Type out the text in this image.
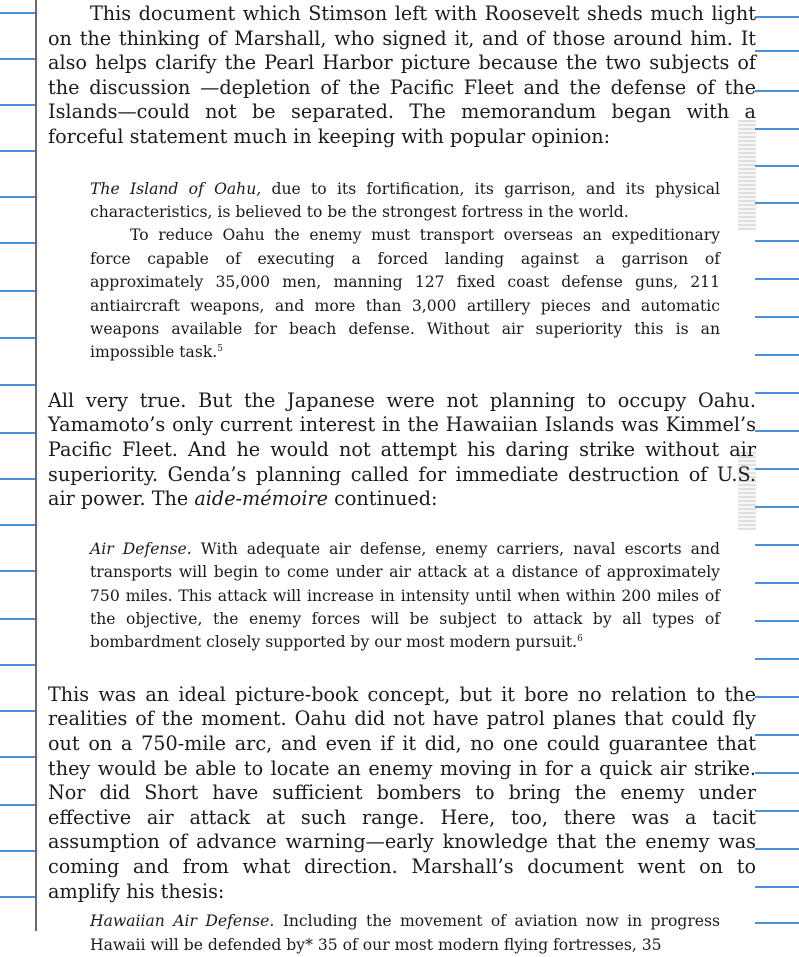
This document which Stimson left with Roosevelt sheds much light on the thinking of Marshall, who signed it, and of those around him. It also helps clarify the Pearl Harbor picture because the two subjects of the discussion —depletion of the Pacific Fleet and the defense of the Islands—could not be separated. The memorandum began with a forceful statement much in keeping with popular opinion:

The Island of Oahu, due to its fortification, its garrison, and its physical characteristics, is believed to be the strongest fortress in the world.

To reduce Oahu the enemy must transport overseas an expeditionary force capable of executing a forced landing against a garrison of approximately 35,000 men, manning 127 fixed coast defense guns, 211 antiaircraft weapons, and more than 3,000 artillery pieces and automatic weapons available for beach defense. Without air superiority this is an impossible task.$^5$

All very true. But the Japanese were not planning to occupy Oahu. Yamamoto’s only current interest in the Hawaiian Islands was Kimmel’s Pacific Fleet. And he would not attempt his daring strike without air superiority. Genda’s planning called for immediate destruction of U.S. air power. The aide-mémoire continued:

Air Defense. With adequate air defense, enemy carriers, naval escorts and transports will begin to come under air attack at a distance of approximately 750 miles. This attack will increase in intensity until when within 200 miles of the objective, the enemy forces will be subject to attack by all types of bombardment closely supported by our most modern pursuit.$^6$

This was an ideal picture-book concept, but it bore no relation to the realities of the moment. Oahu did not have patrol planes that could fly out on a 750-mile arc, and even if it did, no one could guarantee that they would be able to locate an enemy moving in for a quick air strike. Nor did Short have sufficient bombers to bring the enemy under effective air attack at such range. Here, too, there was a tacit assumption of advance warning—early knowledge that the enemy was coming and from what direction. Marshall’s document went on to amplify his thesis:

Hawaiian Air Defense. Including the movement of aviation now in progress Hawaii will be defended by* 35 of our most modern flying fortresses, 35
